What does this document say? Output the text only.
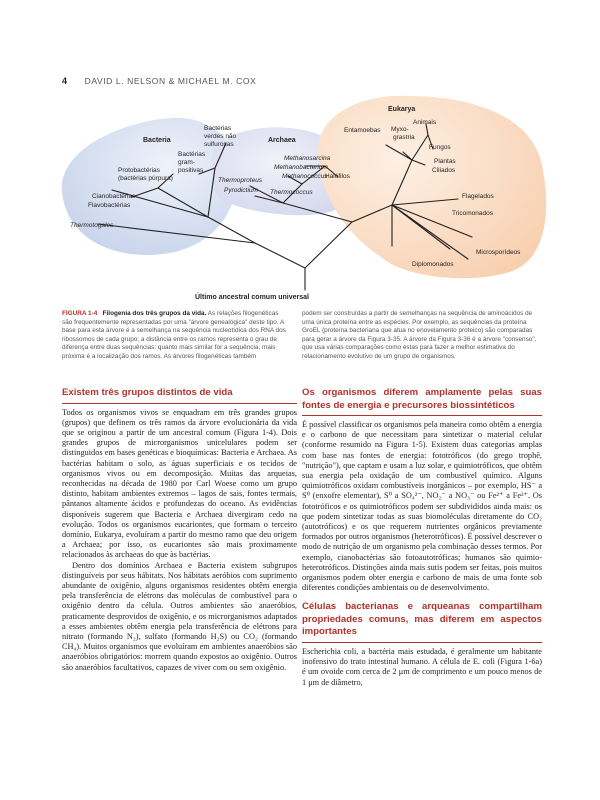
4 DAVID L. NELSON & MICHAEL M. COX
Bacteria	Archaea
Eukarya
Bactérias
verdes não
sulfurosas
Bactérias
gram-
positivas
Protobactérias
(bactérias púrpura)
Cianobactérias
Flavobactérias
Thermotogales
Methanosarcina
Methanobacterium
Methanococcus
Halófilos
Thermoproteus
Pyrodictium Thermococcus
Entamoebas Myxo-
grastria
Animais
Fungos
Plantas
Ciliados
Flagelados
Tricomonados
Microsporídeos
Diplomonados
Último ancestral comum universal
FIGURA 1-4 Filogenia dos três grupos da vida. As relações filogenéticas são frequentemente representadas por uma "árvore genealógica" deste tipo. A base para esta árvore é a semelhança na sequência nucleotídica dos RNA dos ribossomos de cada grupo; a distância entre os ramos representa o grau de diferença entre duas sequências: quanto mais similar for a sequência, mais próxima é a localização dos ramos. As árvores filogenéticas também
podem ser construídas a partir de semelhanças na sequência de aminoácidos de uma única proteína entre as espécies. Por exemplo, as sequências da proteína GroEL (proteína bacteriana que atua no enovelamento proteico) são comparadas para gerar a árvore da Figura 3-35. A árvore da Figura 3-36 é a árvore "consenso", que usa várias comparações como estas para fazer a melhor estimativa do relacionamento evolutivo de um grupo de organismos.
Existem três grupos distintos de vida

Todos os organismos vivos se enquadram em três grandes grupos (grupos) que definem os três ramos da árvore evolucionária da vida que se originou a partir de um ancestral comum (Figura 1-4). Dois grandes grupos de microrganismos unicelulares podem ser distinguidos em bases genéticas e bioquímicas: Bacteria e Archaea. As bactérias habitam o solo, as águas superficiais e os tecidos de organismos vivos ou em decomposição. Muitas das arqueias, reconhecidas na década de 1980 por Carl Woese como um grupo distinto, habitam ambientes extremos – lagos de sais, fontes termais, pântanos altamente ácidos e profundezas do oceano. As evidências disponíveis sugerem que Bacteria e Archaea divergiram cedo na evolução. Todos os organismos eucariontes, que formam o terceiro domínio, Eukarya, evoluíram a partir do mesmo ramo que deu origem a Archaea; por isso, os eucariontes são mais proximamente relacionados às archaeas do que às bactérias.

Dentro dos domínios Archaea e Bacteria existem subgrupos distinguíveis por seus hábitats. Nos hábitats aeróbios com suprimento abundante de oxigênio, alguns organismos residentes obtêm energia pela transferência de elétrons das moléculas de combustível para o oxigênio dentro da célula. Outros ambientes são anaeróbios, praticamente desprovidos de oxigênio, e os microrganismos adaptados a esses ambientes obtêm energia pela transferência de elétrons para nitrato (formando N₂), sulfato (formando H₂S) ou CO₂ (formando CH₄). Muitos organismos que evoluíram em ambientes anaeróbios são anaeróbios obrigatórios: morrem quando expostos ao oxigênio. Outros são anaeróbios facultativos, capazes de viver com ou sem oxigênio.

Os organismos diferem amplamente pelas suas fontes de energia e precursores biossintéticos

É possível classificar os organismos pela maneira como obtêm a energia e o carbono de que necessitam para sintetizar o material celular (conforme resumido na Figura 1-5). Existem duas categorias amplas com base nas fontes de energia: fototróficos (do grego trophē, "nutrição"), que captam e usam a luz solar, e quimiotróficos, que obtêm sua energia pela oxidação de um combustível químico. Alguns quimiotróficos oxidam combustíveis inorgânicos – por exemplo, HS⁻ a S⁰ (enxofre elementar), S⁰ a SO₄²⁻, NO₂⁻ a NO₃⁻ ou Fe²⁺ a Fe³⁺. Os fototróficos e os quimiotróficos podem ser subdivididos ainda mais: os que podem sintetizar todas as suas biomoléculas diretamente do CO₂ (autotróficos) e os que requerem nutrientes orgânicos previamente formados por outros organismos (heterotróficos). É possível descrever o modo de nutrição de um organismo pela combinação desses termos. Por exemplo, cianobactérias são fotoautotróficas; humanos são quimio-heterotróficos. Distinções ainda mais sutis podem ser feitas, pois muitos organismos podem obter energia e carbono de mais de uma fonte sob diferentes condições ambientais ou de desenvolvimento.

Células bacterianas e arqueanas compartilham propriedades comuns, mas diferem em aspectos importantes

Escherichia coli, a bactéria mais estudada, é geralmente um habitante inofensivo do trato intestinal humano. A célula de E. coli (Figura 1-6a) é um ovoide com cerca de 2 μm de comprimento e um pouco menos de 1 μm de diâmetro,
